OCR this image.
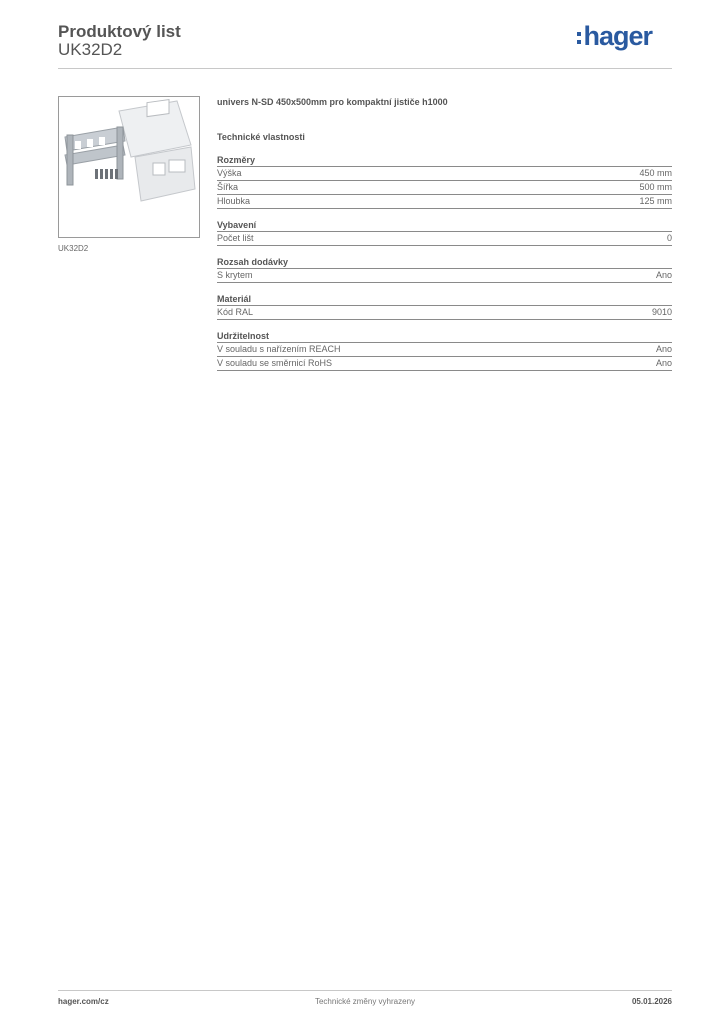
Produktový list
UK32D2	hager
UK32D2
univers N-SD 450x500mm pro kompaktní jističe h1000
Technické vlastnosti
Rozměry
Výška	450 mm
Šířka	500 mm
Hloubka	125 mm
Vybavení
Počet lišt	0
Rozsah dodávky
S krytem	Ano
Materiál
Kód RAL	9010
Udržitelnost
V souladu s nařízením REACH	Ano
V souladu se směrnicí RoHS	Ano
hager.com/cz	Technické změny vyhrazeny	05.01.2026
